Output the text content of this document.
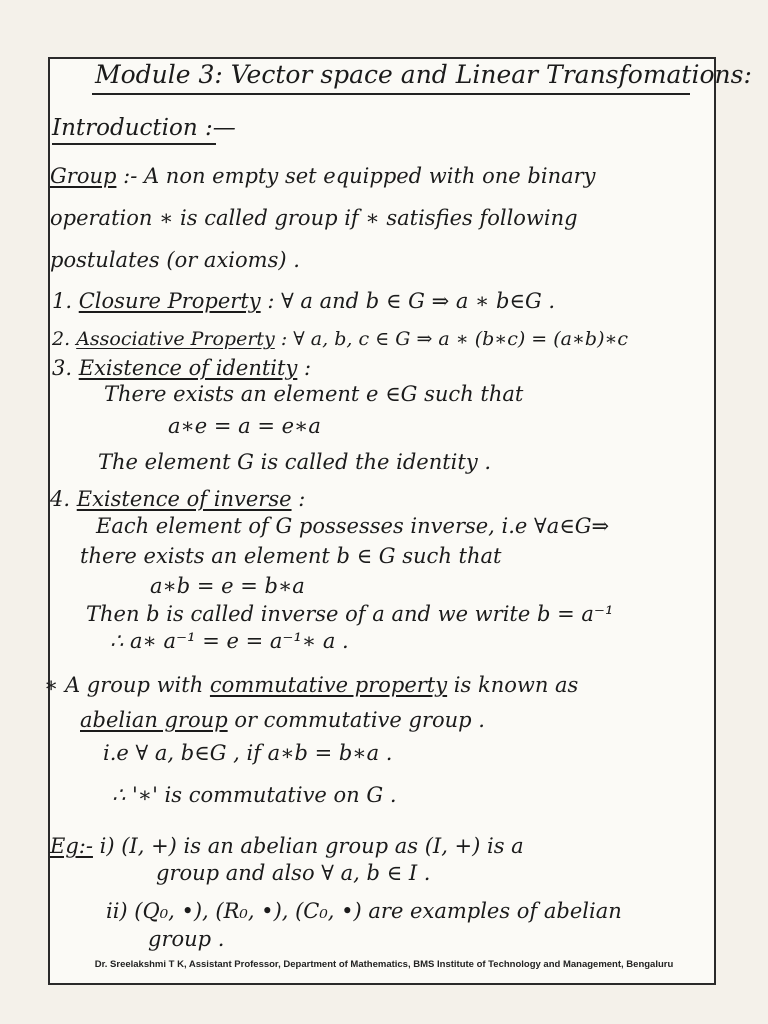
Module 3: Vector space and Linear Transfomations:
Introduction :—
Group :- A non empty set equipped with one binary
operation ∗ is called group if ∗ satisfies following
postulates (or axioms) .
1. Closure Property : ∀ a and b ∈ G ⇒ a ∗ b∈G .
2. Associative Property : ∀ a, b, c ∈ G ⇒ a ∗ (b∗c) = (a∗b)∗c
3. Existence of identity :
There exists an element e ∈G such that
a∗e = a = e∗a
The element G is called the identity .
4. Existence of inverse :
Each element of G possesses inverse, i.e ∀a∈G⇒
there exists an element b ∈ G such that
a∗b = e = b∗a
Then b is called inverse of a and we write b = a⁻¹
∴ a∗ a⁻¹ = e = a⁻¹∗ a .
∗ A group with commutative property is known as
abelian group or commutative group .
i.e ∀ a, b∈G , if a∗b = b∗a .
∴ '∗' is commutative on G .
Eg:- i) (I, +) is an abelian group as (I, +) is a
group and also ∀ a, b ∈ I .
ii) (Q₀, •), (R₀, •), (C₀, •) are examples of abelian
group .
Dr. Sreelakshmi T K, Assistant Professor, Department of Mathematics, BMS Institute of Technology and Management, Bengaluru
